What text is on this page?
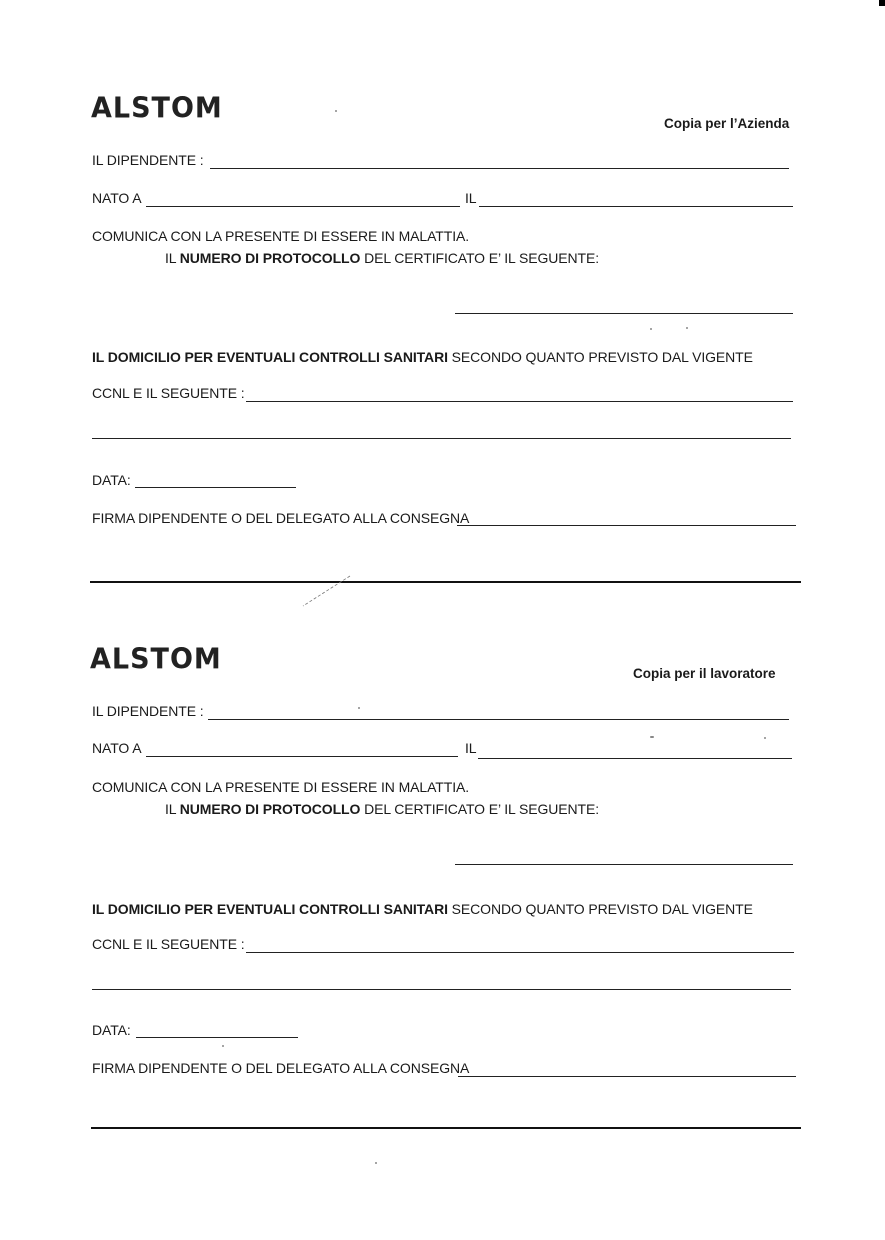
ALSTOM	Copia per l’Azienda
IL DIPENDENTE :
NATO A	IL
COMUNICA CON LA PRESENTE DI ESSERE IN MALATTIA.
IL NUMERO DI PROTOCOLLO DEL CERTIFICATO E’ IL SEGUENTE:
IL DOMICILIO PER EVENTUALI CONTROLLI SANITARI SECONDO QUANTO PREVISTO DAL VIGENTE
CCNL E IL SEGUENTE :
DATA:
FIRMA DIPENDENTE O DEL DELEGATO ALLA CONSEGNA
ALSTOM	Copia per il lavoratore
IL DIPENDENTE :
NATO A	IL
COMUNICA CON LA PRESENTE DI ESSERE IN MALATTIA.
IL NUMERO DI PROTOCOLLO DEL CERTIFICATO E’ IL SEGUENTE:
IL DOMICILIO PER EVENTUALI CONTROLLI SANITARI SECONDO QUANTO PREVISTO DAL VIGENTE
CCNL E IL SEGUENTE :
DATA:
FIRMA DIPENDENTE O DEL DELEGATO ALLA CONSEGNA
